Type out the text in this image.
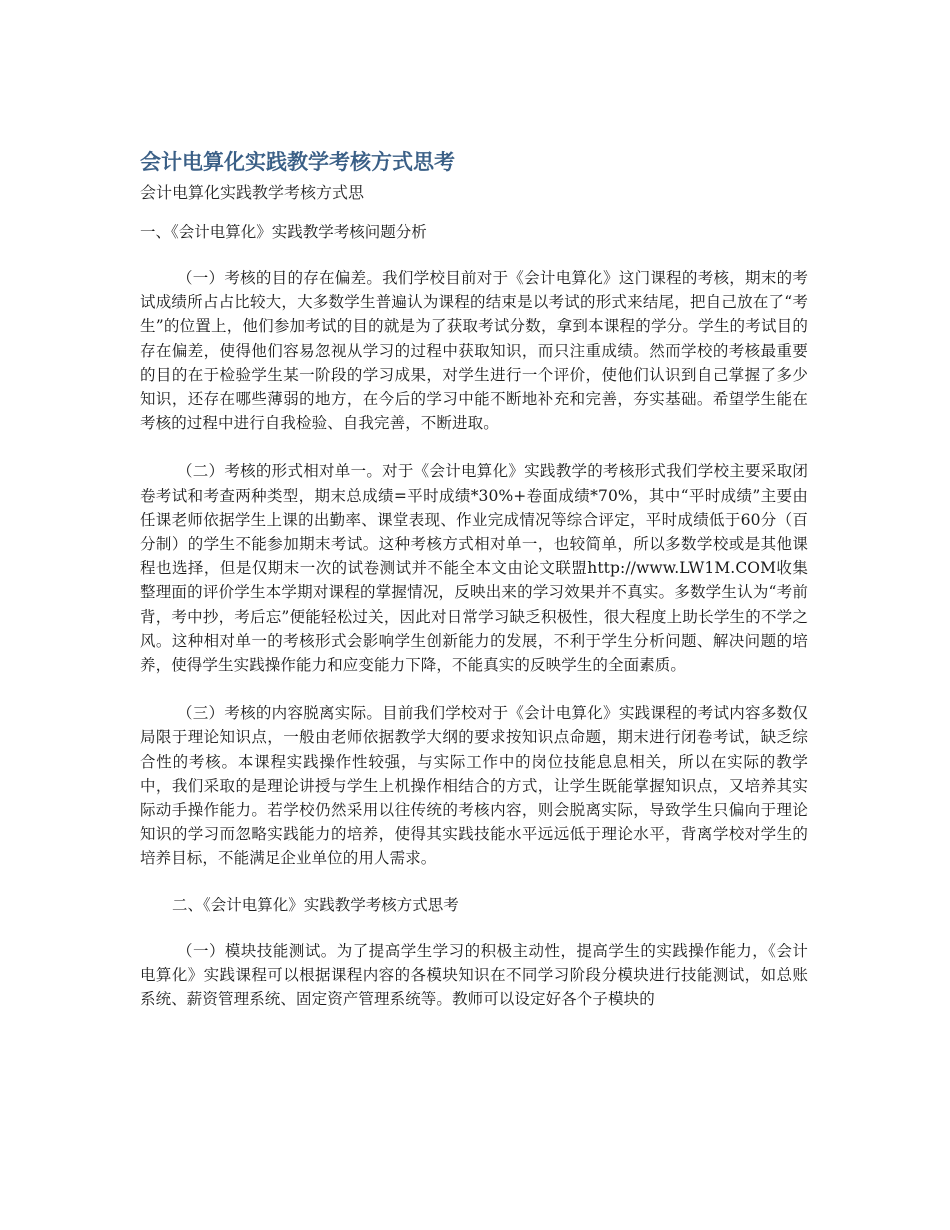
会计电算化实践教学考核方式思考
会计电算化实践教学考核方式思
一、《会计电算化》实践教学考核问题分析

（一）考核的目的存在偏差。我们学校目前对于《会计电算化》这门课程的考核，期末的考试成绩所占占比较大，大多数学生普遍认为课程的结束是以考试的形式来结尾，把自己放在了“考生”的位置上，他们参加考试的目的就是为了获取考试分数，拿到本课程的学分。学生的考试目的存在偏差，使得他们容易忽视从学习的过程中获取知识，而只注重成绩。然而学校的考核最重要的目的在于检验学生某一阶段的学习成果，对学生进行一个评价，使他们认识到自己掌握了多少知识，还存在哪些薄弱的地方，在今后的学习中能不断地补充和完善，夯实基础。希望学生能在考核的过程中进行自我检验、自我完善，不断进取。

（二）考核的形式相对单一。对于《会计电算化》实践教学的考核形式我们学校主要采取闭卷考试和考查两种类型，期末总成绩=平时成绩*30%+卷面成绩*70%，其中“平时成绩”主要由任课老师依据学生上课的出勤率、课堂表现、作业完成情况等综合评定，平时成绩低于60分（百分制）的学生不能参加期末考试。这种考核方式相对单一，也较简单，所以多数学校或是其他课程也选择，但是仅期末一次的试卷测试并不能全本文由论文联盟http://www.LW1M.COM收集整理面的评价学生本学期对课程的掌握情况，反映出来的学习效果并不真实。多数学生认为“考前背，考中抄，考后忘”便能轻松过关，因此对日常学习缺乏积极性，很大程度上助长学生的不学之风。这种相对单一的考核形式会影响学生创新能力的发展，不利于学生分析问题、解决问题的培养，使得学生实践操作能力和应变能力下降，不能真实的反映学生的全面素质。

（三）考核的内容脱离实际。目前我们学校对于《会计电算化》实践课程的考试内容多数仅局限于理论知识点，一般由老师依据教学大纲的要求按知识点命题，期末进行闭卷考试，缺乏综合性的考核。本课程实践操作性较强，与实际工作中的岗位技能息息相关，所以在实际的教学中，我们采取的是理论讲授与学生上机操作相结合的方式，让学生既能掌握知识点，又培养其实际动手操作能力。若学校仍然采用以往传统的考核内容，则会脱离实际，导致学生只偏向于理论知识的学习而忽略实践能力的培养，使得其实践技能水平远远低于理论水平，背离学校对学生的培养目标，不能满足企业单位的用人需求。

二、《会计电算化》实践教学考核方式思考

（一）模块技能测试。为了提高学生学习的积极主动性，提高学生的实践操作能力，《会计电算化》实践课程可以根据课程内容的各模块知识在不同学习阶段分模块进行技能测试，如总账系统、薪资管理系统、固定资产管理系统等。教师可以设定好各个子模块的
